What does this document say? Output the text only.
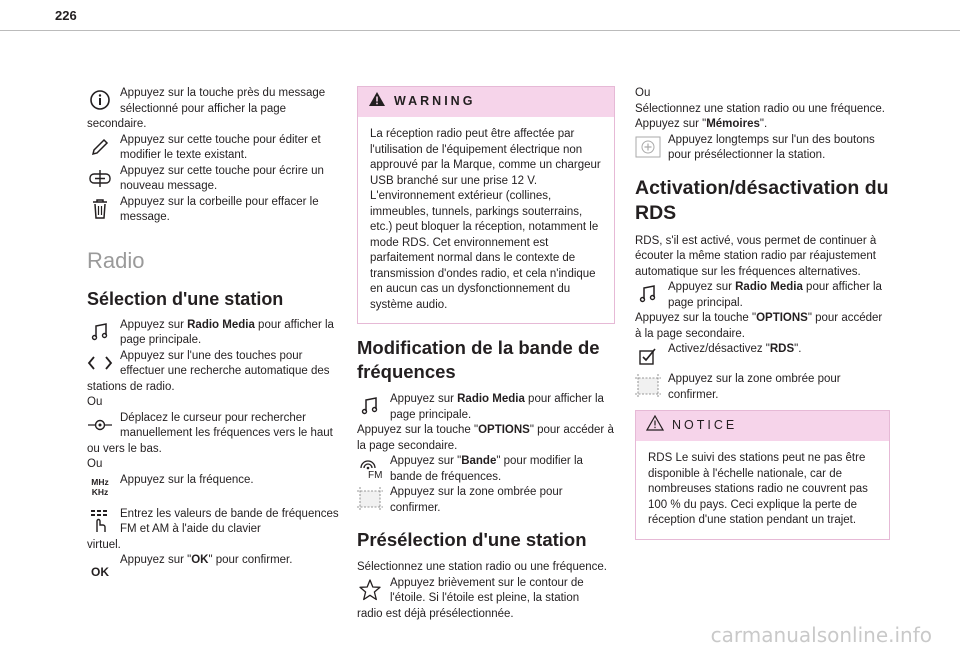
226
Appuyez sur la touche près du message sélectionné pour afficher la page
secondaire.
Appuyez sur cette touche pour éditer et modifier le texte existant.
Appuyez sur cette touche pour écrire un nouveau message.
Appuyez sur la corbeille pour effacer le message.
Radio
Sélection d'une station
Appuyez sur Radio Media pour afficher la page principale.
Appuyez sur l'une des touches pour effectuer une recherche automatique des
stations de radio.

Ou

Déplacez le curseur pour rechercher manuellement les fréquences vers le haut
ou vers le bas.

Ou

MHz
KHz
Appuyez sur la fréquence.
Entrez les valeurs de bande de fréquences FM et AM à l'aide du clavier
virtuel.
OK
Appuyez sur "OK" pour confirmer.
WARNING
La réception radio peut être affectée par l'utilisation de l'équipement électrique non approuvé par la Marque, comme un chargeur USB branché sur une prise 12 V. L'environnement extérieur (collines, immeubles, tunnels, parkings souterrains, etc.) peut bloquer la réception, notamment le mode RDS. Cet environnement est parfaitement normal dans le contexte de transmission d'ondes radio, et cela n'indique en aucun cas un dysfonctionnement du système audio.
Modification de la bande de fréquences
Appuyez sur Radio Media pour afficher la page principale.

Appuyez sur la touche "OPTIONS" pour accéder à la page secondaire.

FM
Appuyez sur "Bande" pour modifier la bande de fréquences.
Appuyez sur la zone ombrée pour confirmer.
Présélection d'une station

Sélectionnez une station radio ou une fréquence.

Appuyez brièvement sur le contour de l'étoile. Si l'étoile est pleine, la station
radio est déjà présélectionnée.

Ou

Sélectionnez une station radio ou une fréquence.

Appuyez sur "Mémoires".

Appuyez longtemps sur l'un des boutons pour présélectionner la station.
Activation/désactivation du RDS

RDS, s'il est activé, vous permet de continuer à écouter la même station radio par réajustement automatique sur les fréquences alternatives.

Appuyez sur Radio Media pour afficher la page principal.

Appuyez sur la touche "OPTIONS" pour accéder à la page secondaire.

Activez/désactivez "RDS".
Appuyez sur la zone ombrée pour confirmer.
NOTICE
RDS Le suivi des stations peut ne pas être disponible à l'échelle nationale, car de nombreuses stations radio ne couvrent pas 100 % du pays. Ceci explique la perte de réception d'une station pendant un trajet.
carmanualsonline.info
